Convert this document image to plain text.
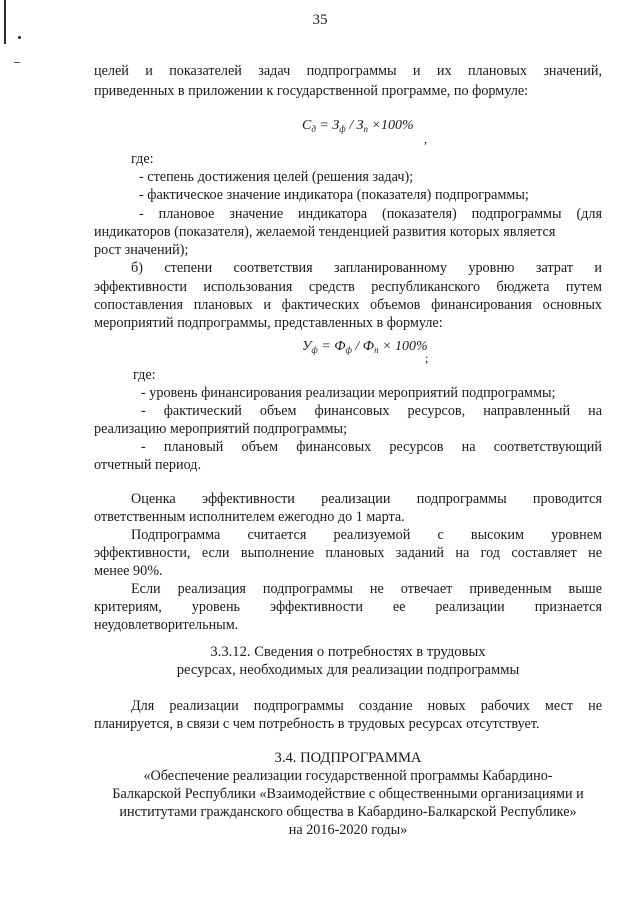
35
целей и показателей задач подпрограммы и их плановых значений,
приведенных в приложении к государственной программе, по формуле:
$С_д = З_ф / З_п \times 100\%$
,
где:
- степень достижения целей (решения задач);
- фактическое значение индикатора (показателя) подпрограммы;
- плановое значение индикатора (показателя) подпрограммы (для
индикаторов (показателя), желаемой тенденцией развития которых является
рост значений);
б) степени соответствия запланированному уровню затрат и
эффективности использования средств республиканского бюджета путем
сопоставления плановых и фактических объемов финансирования основных
мероприятий подпрограммы, представленных в формуле:
$У_ф = Ф_ф / Ф_п \times 100\%$
;
где:
- уровень финансирования реализации мероприятий подпрограммы;
- фактический объем финансовых ресурсов, направленный на
реализацию мероприятий подпрограммы;
- плановый объем финансовых ресурсов на соответствующий
отчетный период.
Оценка эффективности реализации подпрограммы проводится
ответственным исполнителем ежегодно до 1 марта.
Подпрограмма считается реализуемой с высоким уровнем
эффективности, если выполнение плановых заданий на год составляет не
менее 90%.
Если реализация подпрограммы не отвечает приведенным выше
критериям, уровень эффективности ее реализации признается
неудовлетворительным.
3.3.12. Сведения о потребностях в трудовых
ресурсах, необходимых для реализации подпрограммы
Для реализации подпрограммы создание новых рабочих мест не
планируется, в связи с чем потребность в трудовых ресурсах отсутствует.
3.4. ПОДПРОГРАММА
«Обеспечение реализации государственной программы Кабардино-
Балкарской Республики «Взаимодействие с общественными организациями и
институтами гражданского общества в Кабардино-Балкарской Республике»
на 2016-2020 годы»
